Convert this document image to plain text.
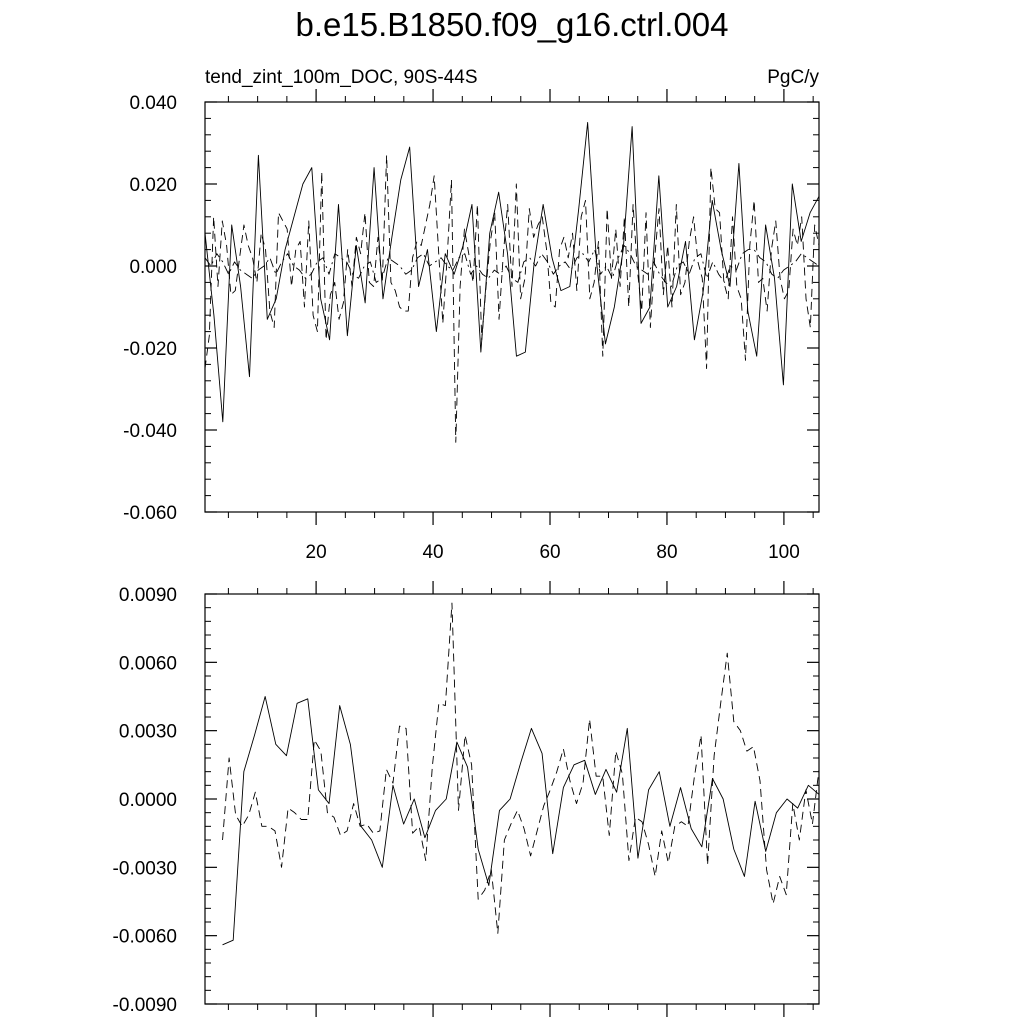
b.e15.B1850.f09_g16.ctrl.004
tend_zint_100m_DOC, 90S-44S	PgC/y
-0.060
-0.040
-0.020
0.000
0.020
0.040
20	40	60	80	100
-0.0090
-0.0060
-0.0030
0.0000
0.0030
0.0060
0.0090
